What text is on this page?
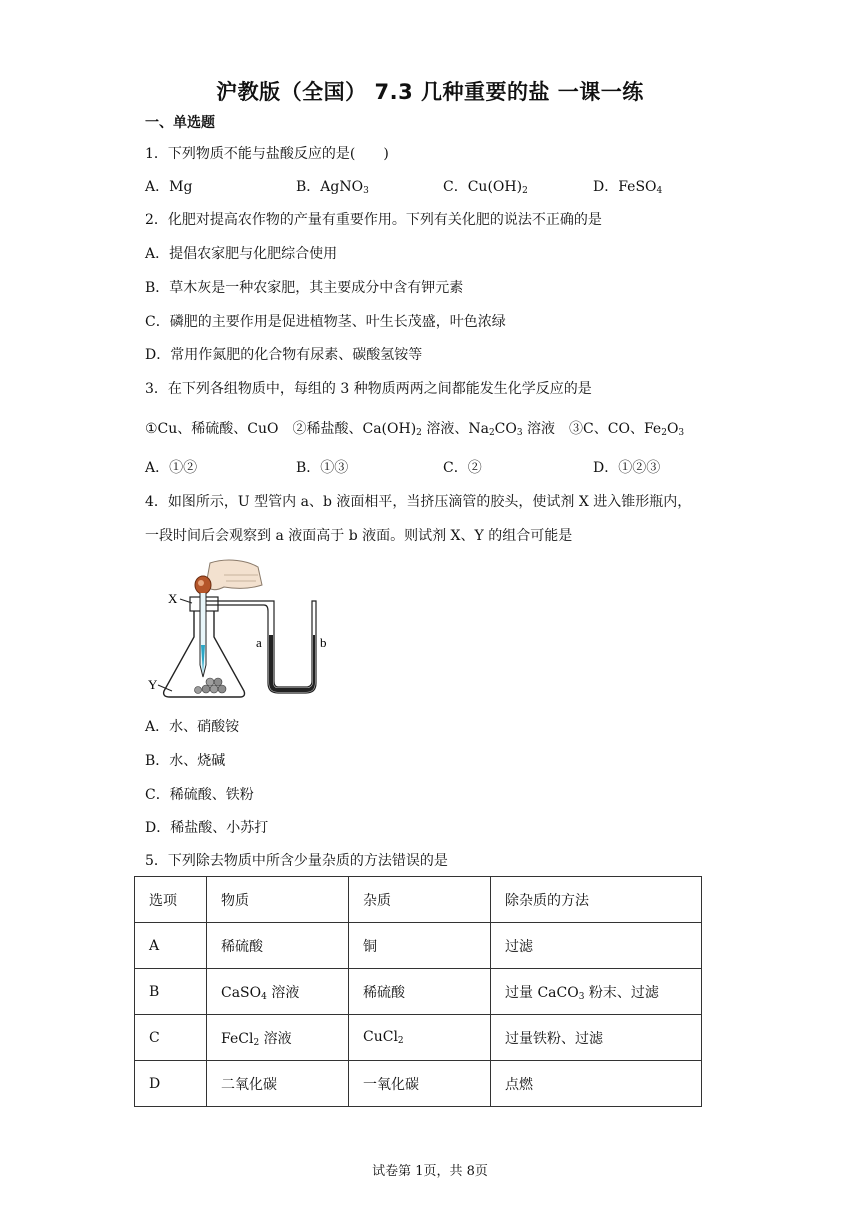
沪教版（全国） 7.3 几种重要的盐 一课一练
一、单选题
1．下列物质不能与盐酸反应的是(　　)
A．Mg	B．AgNO$_3$	C．$Cu(OH)_2$	D．FeSO$_4$
2．化肥对提高农作物的产量有重要作用。下列有关化肥的说法不正确的是
A．提倡农家肥与化肥综合使用
B．草木灰是一种农家肥，其主要成分中含有钾元素
C．磷肥的主要作用是促进植物茎、叶生长茂盛，叶色浓绿
D．常用作氮肥的化合物有尿素、碳酸氢铵等
3．在下列各组物质中，每组的 3 种物质两两之间都能发生化学反应的是
①Cu、稀硫酸、CuO　②稀盐酸、$Ca(OH)_2$ 溶液、$Na_2CO_3$ 溶液　③C、CO、$Fe_2O_3$
A．①②	B．①③	C．②	D．①②③
4．如图所示，U 型管内 a、b 液面相平，当挤压滴管的胶头，使试剂 X 进入锥形瓶内，
一段时间后会观察到 a 液面高于 b 液面。则试剂 X、Y 的组合可能是
X
Y
a	b
A．水、硝酸铵
B．水、烧碱
C．稀硫酸、铁粉
D．稀盐酸、小苏打
5．下列除去物质中所含少量杂质的方法错误的是
选项	物质	杂质	除杂质的方法
A	稀硫酸	铜	过滤
B	CaSO$_4$ 溶液	稀硫酸	过量 CaCO$_3$ 粉末、过滤
C	FeCl$_2$ 溶液	CuCl$_2$	过量铁粉、过滤
D	二氧化碳	一氧化碳	点燃
试卷第 1页，共 8页
